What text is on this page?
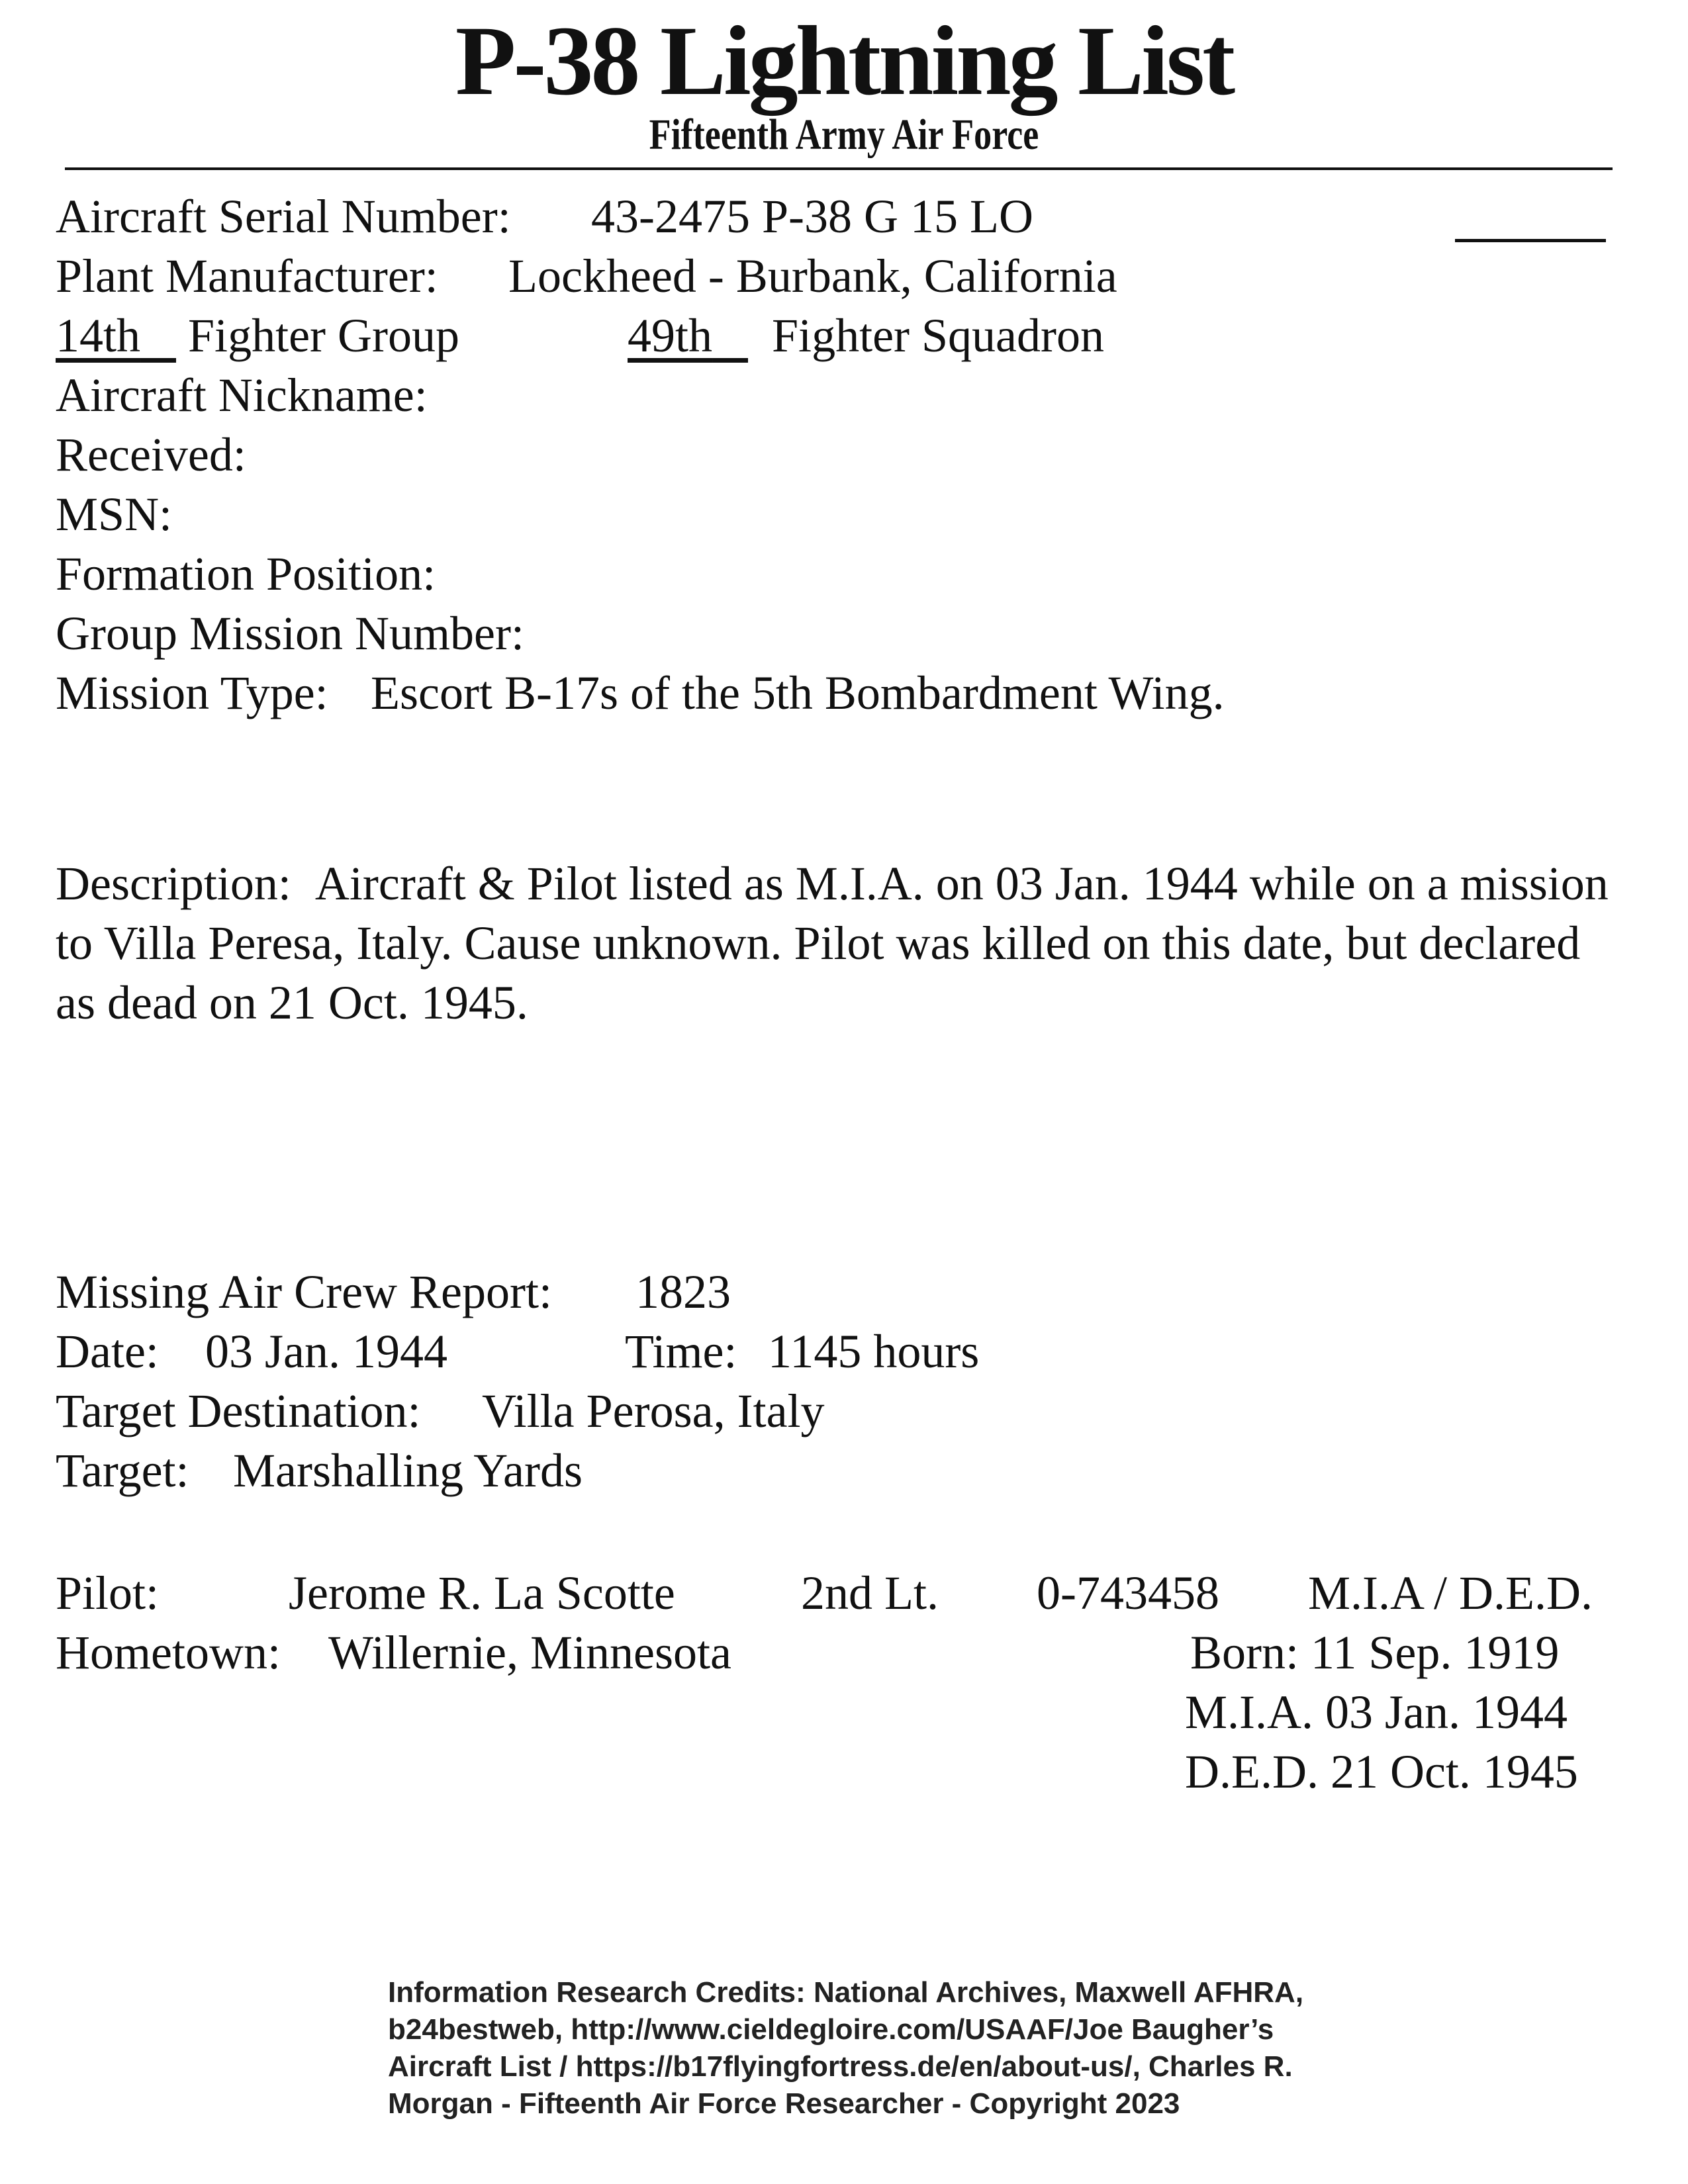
P-38 Lightning List
Fifteenth Army Air Force
Aircraft Serial Number: 43-2475 P-38 G 15 LO
Plant Manufacturer: Lockheed - Burbank, California
14th Fighter Group	49th Fighter Squadron
Aircraft Nickname:
Received:
MSN:
Formation Position:
Group Mission Number:
Mission Type: Escort B-17s of the 5th Bombardment Wing.
Description: Aircraft & Pilot listed as M.I.A. on 03 Jan. 1944 while on a mission to Villa Peresa, Italy. Cause unknown. Pilot was killed on this date, but declared as dead on 21 Oct. 1945.
Missing Air Crew Report: 1823
Date: 03 Jan. 1944	Time: 1145 hours
Target Destination: Villa Perosa, Italy
Target: Marshalling Yards
Pilot:	Jerome R. La Scotte	2nd Lt. 0-743458 M.I.A / D.E.D.
Hometown: Willernie, Minnesota	Born: 11 Sep. 1919
M.I.A. 03 Jan. 1944
D.E.D. 21 Oct. 1945
Information Research Credits: National Archives, Maxwell AFHRA,
b24bestweb, http://www.cieldegloire.com/USAAF/Joe Baugher’s
Aircraft List / https://b17flyingfortress.de/en/about-us/, Charles R.
Morgan - Fifteenth Air Force Researcher - Copyright 2023
